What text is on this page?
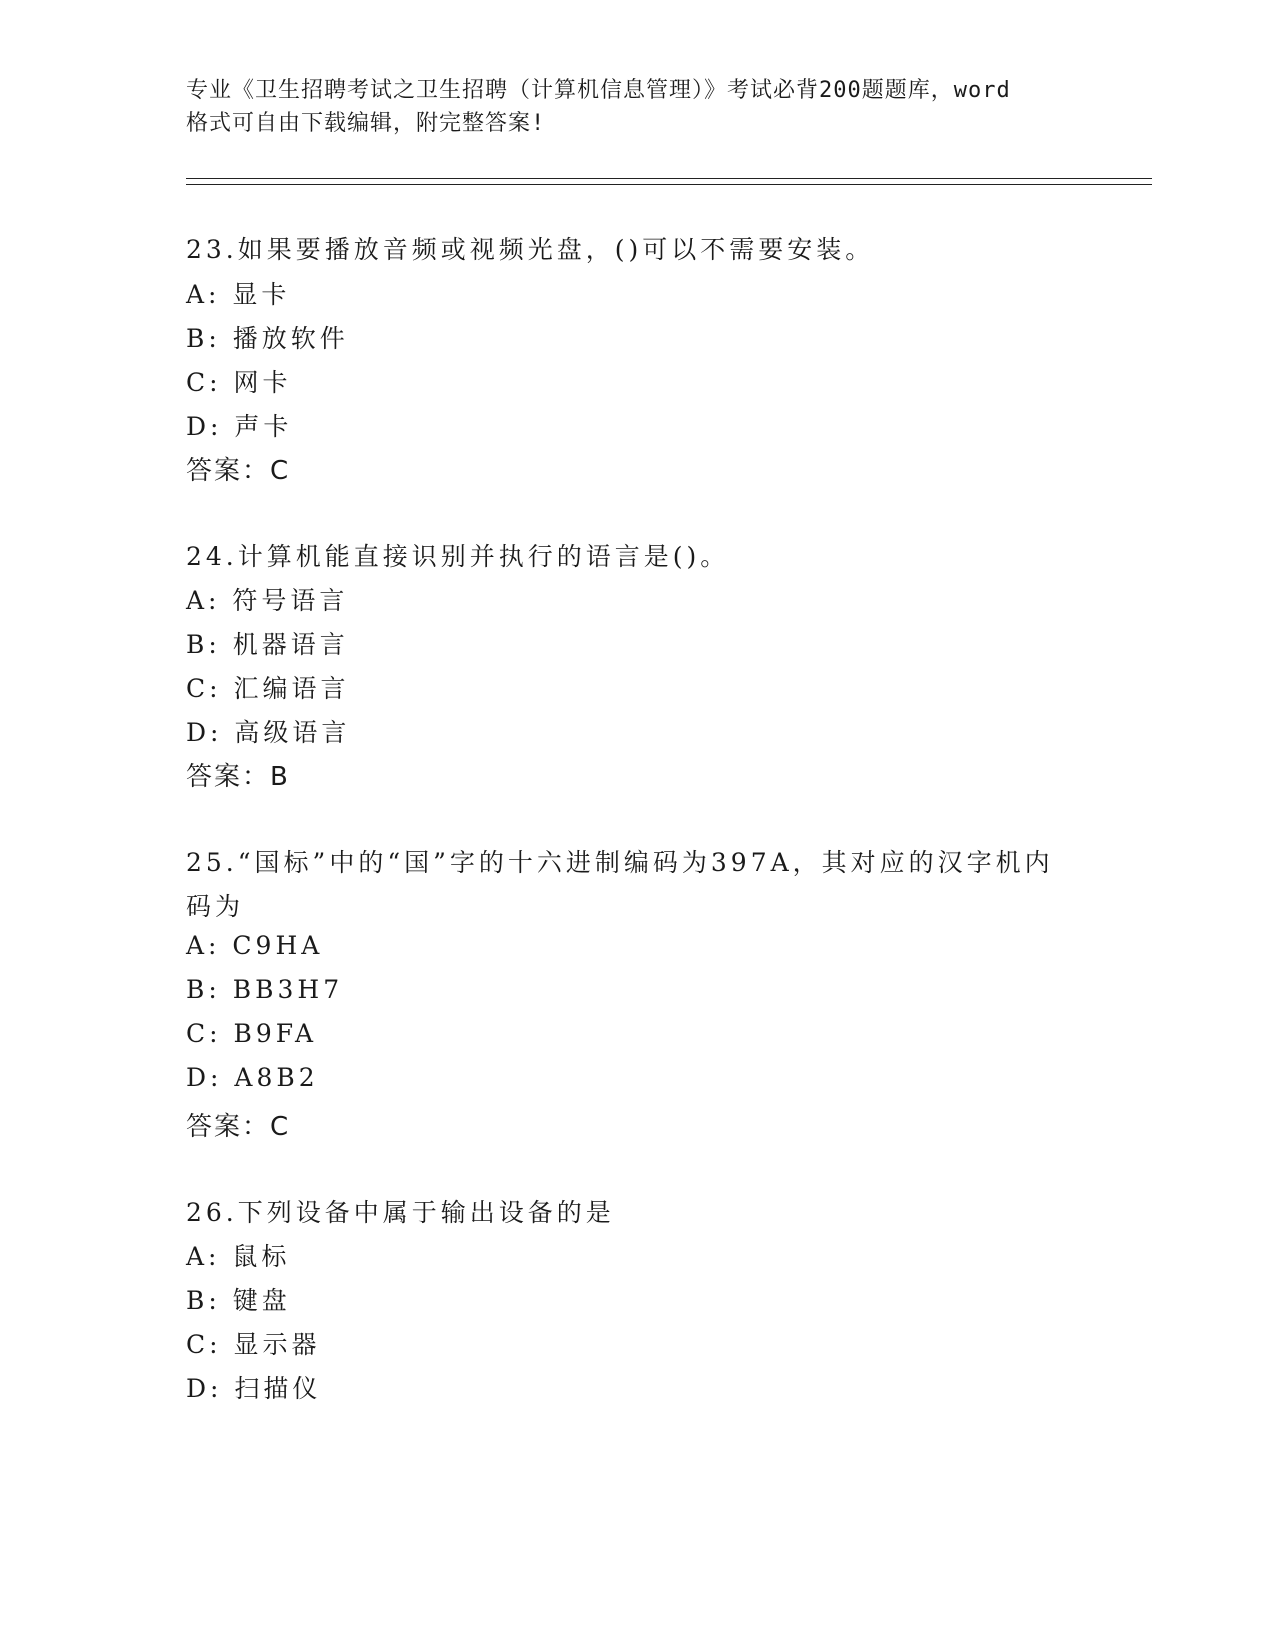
专业《卫生招聘考试之卫生招聘（计算机信息管理）》考试必背200题题库，word
格式可自由下载编辑，附完整答案!
23.如果要播放音频或视频光盘，()可以不需要安装。
A: 显卡
B: 播放软件
C: 网卡
D: 声卡
答案：C
24.计算机能直接识别并执行的语言是()。
A: 符号语言
B: 机器语言
C: 汇编语言
D: 高级语言
答案：B
25.“国标”中的“国”字的十六进制编码为397A，其对应的汉字机内
码为
A: C9HA
B: BB3H7
C: B9FA
D: A8B2
答案：C
26.下列设备中属于输出设备的是
A: 鼠标
B: 键盘
C: 显示器
D: 扫描仪
